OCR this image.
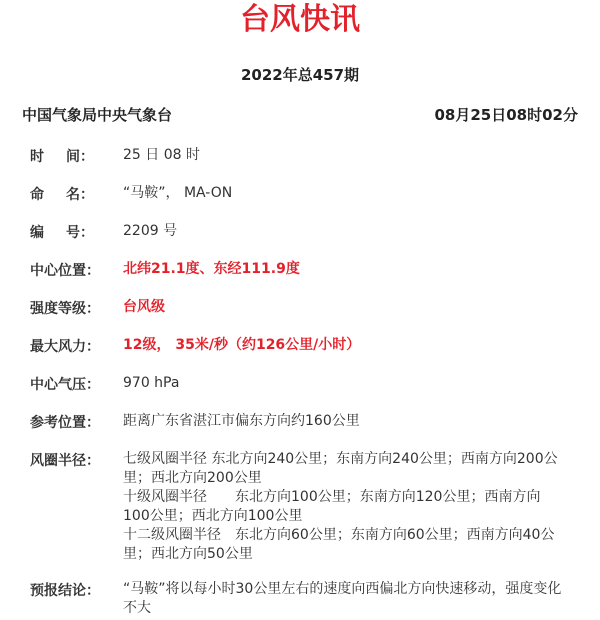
台风快讯
2022年总457期
中国气象局中央气象台	08月25日08时02分
时 间：	25 日 08 时
命 名：	“马鞍”， MA-ON
编 号：	2209 号
中心位置：	北纬21.1度、东经111.9度
强度等级：	台风级
最大风力：	12级， 35米/秒（约126公里/小时）
中心气压：	970 hPa
参考位置：	距离广东省湛江市偏东方向约160公里
风圈半径：	七级风圈半径 东北方向240公里；东南方向240公里；西南方向200公里；西北方向200公里
十级风圈半径　　东北方向100公里；东南方向120公里；西南方向100公里；西北方向100公里
十二级风圈半径　东北方向60公里；东南方向60公里；西南方向40公里；西北方向50公里
预报结论：	“马鞍”将以每小时30公里左右的速度向西偏北方向快速移动，强度变化不大
